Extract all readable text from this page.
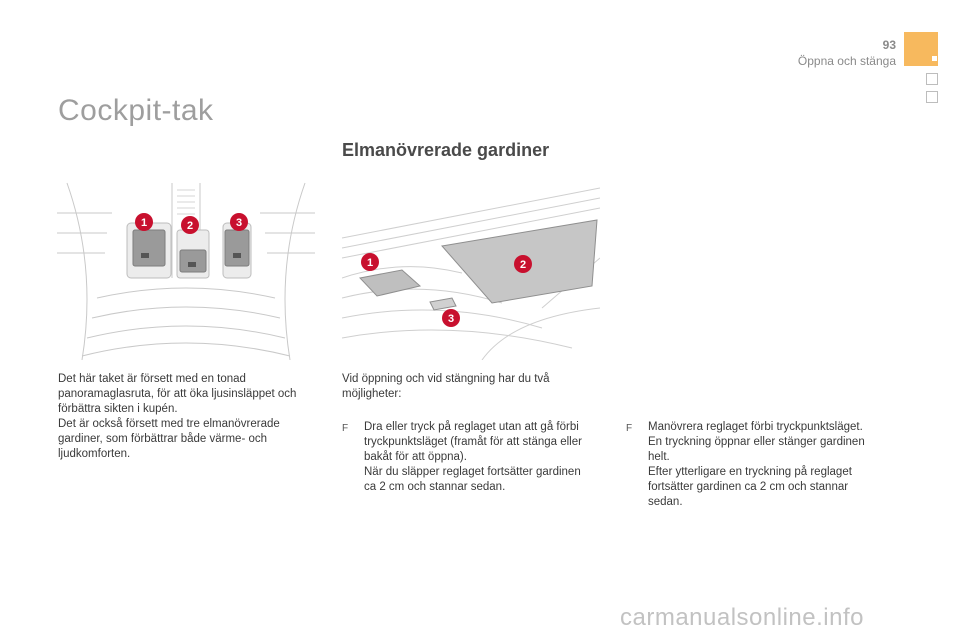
93
Öppna och stänga
Cockpit-tak
Elmanövrerade gardiner
1	2	3
1	2
3
Det här taket är försett med en tonad
panoramaglasruta, för att öka ljusinsläppet och
förbättra sikten i kupén.
Det är också försett med tre elmanövrerade
gardiner, som förbättrar både värme- och
ljudkomforten.
Vid öppning och vid stängning har du två
möjligheter:
F	Dra eller tryck på reglaget utan att gå förbi
tryckpunktsläget (framåt för att stänga eller
bakåt för att öppna).
När du släpper reglaget fortsätter gardinen
ca 2 cm och stannar sedan.
F	Manövrera reglaget förbi tryckpunktsläget.
En tryckning öppnar eller stänger gardinen
helt.
Efter ytterligare en tryckning på reglaget
fortsätter gardinen ca 2 cm och stannar
sedan.
carmanualsonline.info
